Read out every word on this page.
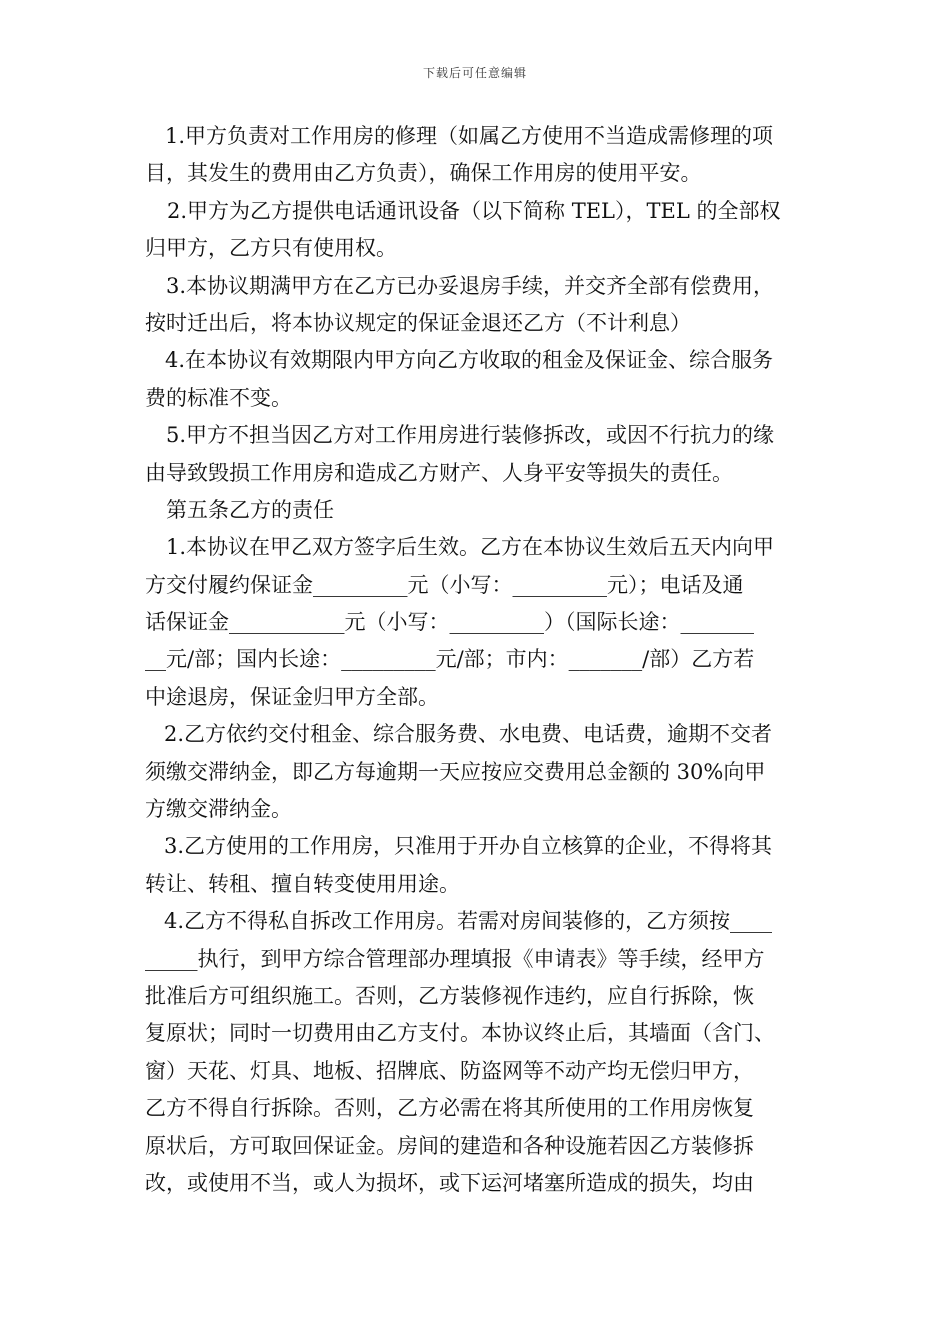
下载后可任意编辑
1.甲方负责对工作用房的修理（如属乙方使用不当造成需修理的项
目，其发生的费用由乙方负责），确保工作用房的使用平安。
2.甲方为乙方提供电话通讯设备（以下简称 TEL），TEL 的全部权
归甲方，乙方只有使用权。
3.本协议期满甲方在乙方已办妥退房手续，并交齐全部有偿费用，
按时迁出后，将本协议规定的保证金退还乙方（不计利息）
4.在本协议有效期限内甲方向乙方收取的租金及保证金、综合服务
费的标准不变。
5.甲方不担当因乙方对工作用房进行装修拆改，或因不行抗力的缘
由导致毁损工作用房和造成乙方财产、人身平安等损失的责任。
第五条乙方的责任
1.本协议在甲乙双方签字后生效。乙方在本协议生效后五天内向甲
方交付履约保证金_________元（小写：_________元）；电话及通
话保证金___________元（小写：_________）（国际长途：_______
__元/部；国内长途：_________元/部；市内：_______/部）乙方若
中途退房，保证金归甲方全部。
2.乙方依约交付租金、综合服务费、水电费、电话费，逾期不交者
须缴交滞纳金，即乙方每逾期一天应按应交费用总金额的 30%向甲
方缴交滞纳金。
3.乙方使用的工作用房，只准用于开办自立核算的企业，不得将其
转让、转租、擅自转变使用用途。
4.乙方不得私自拆改工作用房。若需对房间装修的，乙方须按____
_____执行，到甲方综合管理部办理填报《申请表》等手续，经甲方
批准后方可组织施工。否则，乙方装修视作违约，应自行拆除，恢
复原状；同时一切费用由乙方支付。本协议终止后，其墙面（含门、
窗）天花、灯具、地板、招牌底、防盗网等不动产均无偿归甲方，
乙方不得自行拆除。否则，乙方必需在将其所使用的工作用房恢复
原状后，方可取回保证金。房间的建造和各种设施若因乙方装修拆
改，或使用不当，或人为损坏，或下运河堵塞所造成的损失，均由
